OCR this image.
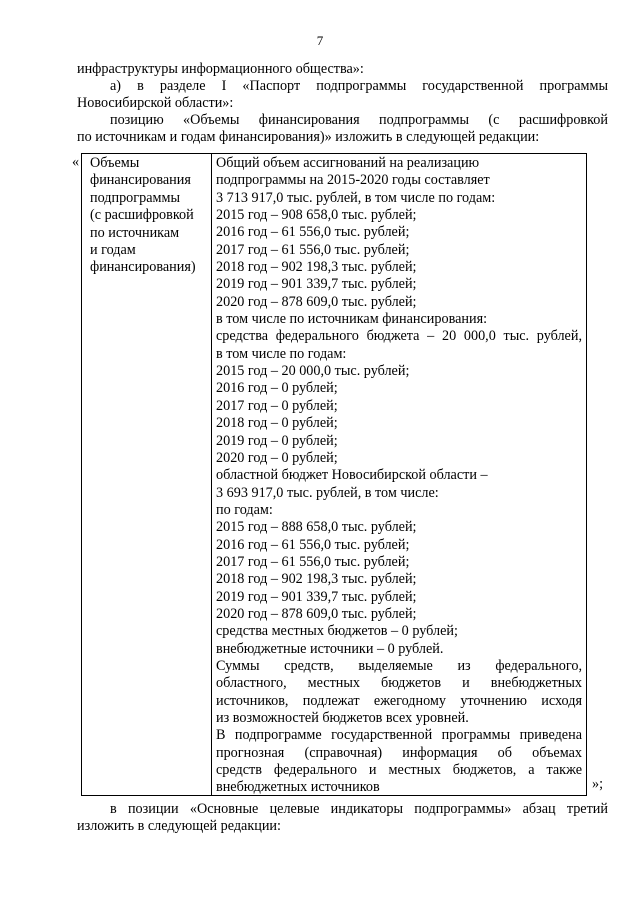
7
инфраструктуры информационного общества»:
а) в разделе I «Паспорт подпрограммы государственной программы
Новосибирской области»:
позицию «Объемы финансирования подпрограммы (с расшифровкой
по источникам и годам финансирования)» изложить в следующей редакции:
« Объемы
финансирования
подпрограммы
(с расшифровкой
по источникам
и годам
финансирования)
Общий объем ассигнований на реализацию
подпрограммы на 2015-2020 годы составляет
3 713 917,0 тыс. рублей, в том числе по годам:
2015 год – 908 658,0 тыс. рублей;
2016 год – 61 556,0 тыс. рублей;
2017 год – 61 556,0 тыс. рублей;
2018 год – 902 198,3 тыс. рублей;
2019 год – 901 339,7 тыс. рублей;
2020 год – 878 609,0 тыс. рублей;
в том числе по источникам финансирования:
средства федерального бюджета – 20 000,0 тыс. рублей,
в том числе по годам:
2015 год – 20 000,0 тыс. рублей;
2016 год – 0 рублей;
2017 год – 0 рублей;
2018 год – 0 рублей;
2019 год – 0 рублей;
2020 год – 0 рублей;
областной бюджет Новосибирской области –
3 693 917,0 тыс. рублей, в том числе:
по годам:
2015 год – 888 658,0 тыс. рублей;
2016 год – 61 556,0 тыс. рублей;
2017 год – 61 556,0 тыс. рублей;
2018 год – 902 198,3 тыс. рублей;
2019 год – 901 339,7 тыс. рублей;
2020 год – 878 609,0 тыс. рублей;
средства местных бюджетов – 0 рублей;
внебюджетные источники – 0 рублей.
Суммы средств, выделяемые из федерального,
областного, местных бюджетов и внебюджетных
источников, подлежат ежегодному уточнению исходя
из возможностей бюджетов всех уровней.
В подпрограмме государственной программы приведена
прогнозная (справочная) информация об объемах
средств федерального и местных бюджетов, а также
внебюджетных источников	»;
в позиции «Основные целевые индикаторы подпрограммы» абзац третий
изложить в следующей редакции:
